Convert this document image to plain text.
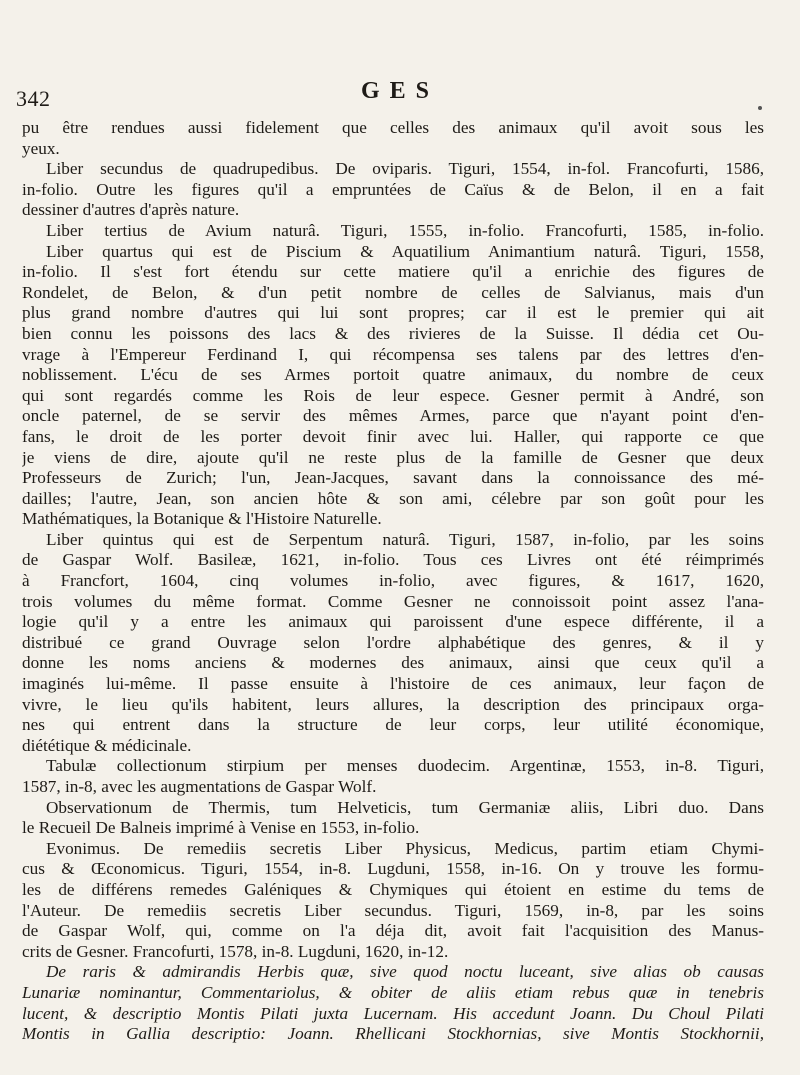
342	GES
pu être rendues aussi fidelement que celles des animaux qu'il avoit sous les
yeux.
Liber secundus de quadrupedibus. De oviparis. Tiguri, 1554, in-fol. Francofurti, 1586,
in-folio. Outre les figures qu'il a empruntées de Caïus & de Belon, il en a fait
dessiner d'autres d'après nature.
Liber tertius de Avium naturâ. Tiguri, 1555, in-folio. Francofurti, 1585, in-folio.
Liber quartus qui est de Piscium & Aquatilium Animantium naturâ. Tiguri, 1558,
in-folio. Il s'est fort étendu sur cette matiere qu'il a enrichie des figures de
Rondelet, de Belon, & d'un petit nombre de celles de Salvianus, mais d'un
plus grand nombre d'autres qui lui sont propres; car il est le premier qui ait
bien connu les poissons des lacs & des rivieres de la Suisse. Il dédia cet Ou-
vrage à l'Empereur Ferdinand I, qui récompensa ses talens par des lettres d'en-
noblissement. L'écu de ses Armes portoit quatre animaux, du nombre de ceux
qui sont regardés comme les Rois de leur espece. Gesner permit à André, son
oncle paternel, de se servir des mêmes Armes, parce que n'ayant point d'en-
fans, le droit de les porter devoit finir avec lui. Haller, qui rapporte ce que
je viens de dire, ajoute qu'il ne reste plus de la famille de Gesner que deux
Professeurs de Zurich; l'un, Jean-Jacques, savant dans la connoissance des mé-
dailles; l'autre, Jean, son ancien hôte & son ami, célebre par son goût pour les
Mathématiques, la Botanique & l'Histoire Naturelle.
Liber quintus qui est de Serpentum naturâ. Tiguri, 1587, in-folio, par les soins
de Gaspar Wolf. Basileæ, 1621, in-folio. Tous ces Livres ont été réimprimés
à Francfort, 1604, cinq volumes in-folio, avec figures, & 1617, 1620,
trois volumes du même format. Comme Gesner ne connoissoit point assez l'ana-
logie qu'il y a entre les animaux qui paroissent d'une espece différente, il a
distribué ce grand Ouvrage selon l'ordre alphabétique des genres, & il y
donne les noms anciens & modernes des animaux, ainsi que ceux qu'il a
imaginés lui-même. Il passe ensuite à l'histoire de ces animaux, leur façon de
vivre, le lieu qu'ils habitent, leurs allures, la description des principaux orga-
nes qui entrent dans la structure de leur corps, leur utilité économique,
diététique & médicinale.
Tabulæ collectionum stirpium per menses duodecim. Argentinæ, 1553, in-8. Tiguri,
1587, in-8, avec les augmentations de Gaspar Wolf.
Observationum de Thermis, tum Helveticis, tum Germaniæ aliis, Libri duo. Dans
le Recueil De Balneis imprimé à Venise en 1553, in-folio.
Evonimus. De remediis secretis Liber Physicus, Medicus, partim etiam Chymi-
cus & Œconomicus. Tiguri, 1554, in-8. Lugduni, 1558, in-16. On y trouve les formu-
les de différens remedes Galéniques & Chymiques qui étoient en estime du tems de
l'Auteur. De remediis secretis Liber secundus. Tiguri, 1569, in-8, par les soins
de Gaspar Wolf, qui, comme on l'a déja dit, avoit fait l'acquisition des Manus-
crits de Gesner. Francofurti, 1578, in-8. Lugduni, 1620, in-12.
De raris & admirandis Herbis quæ, sive quod noctu luceant, sive alias ob causas
Lunariæ nominantur, Commentariolus, & obiter de aliis etiam rebus quæ in tenebris
lucent, & descriptio Montis Pilati juxta Lucernam. His accedunt Joann. Du Choul Pilati
Montis in Gallia descriptio: Joann. Rhellicani Stockhornias, sive Montis Stockhornii,
